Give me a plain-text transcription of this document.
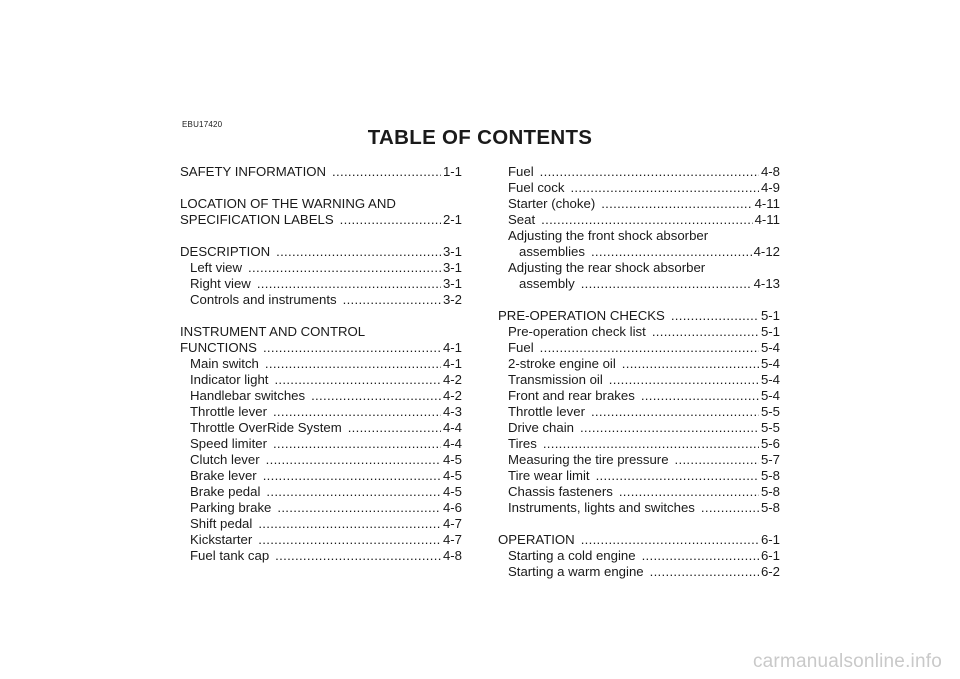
EBU17420
TABLE OF CONTENTS
SAFETY INFORMATION .....	1-1
LOCATION OF THE WARNING AND
SPECIFICATION LABELS .....	2-1
DESCRIPTION .....	3-1
Left view .....	3-1
Right view .....	3-1
Controls and instruments .....	3-2
INSTRUMENT AND CONTROL
FUNCTIONS .....	4-1
Main switch .....	4-1
Indicator light .....	4-2
Handlebar switches .....	4-2
Throttle lever .....	4-3
Throttle OverRide System .....	4-4
Speed limiter .....	4-4
Clutch lever .....	4-5
Brake lever .....	4-5
Brake pedal .....	4-5
Parking brake .....	4-6
Shift pedal .....	4-7
Kickstarter .....	4-7
Fuel tank cap .....	4-8
Fuel .....	4-8
Fuel cock .....	4-9
Starter (choke) .....	4-11
Seat .....	4-11
Adjusting the front shock absorber
assemblies .....	4-12
Adjusting the rear shock absorber
assembly .....	4-13
PRE-OPERATION CHECKS .....	5-1
Pre-operation check list .....	5-1
Fuel .....	5-4
2-stroke engine oil .....	5-4
Transmission oil .....	5-4
Front and rear brakes .....	5-4
Throttle lever .....	5-5
Drive chain .....	5-5
Tires .....	5-6
Measuring the tire pressure .....	5-7
Tire wear limit .....	5-8
Chassis fasteners .....	5-8
Instruments, lights and switches .....	5-8
OPERATION .....	6-1
Starting a cold engine .....	6-1
Starting a warm engine .....	6-2
carmanualsonline.info
